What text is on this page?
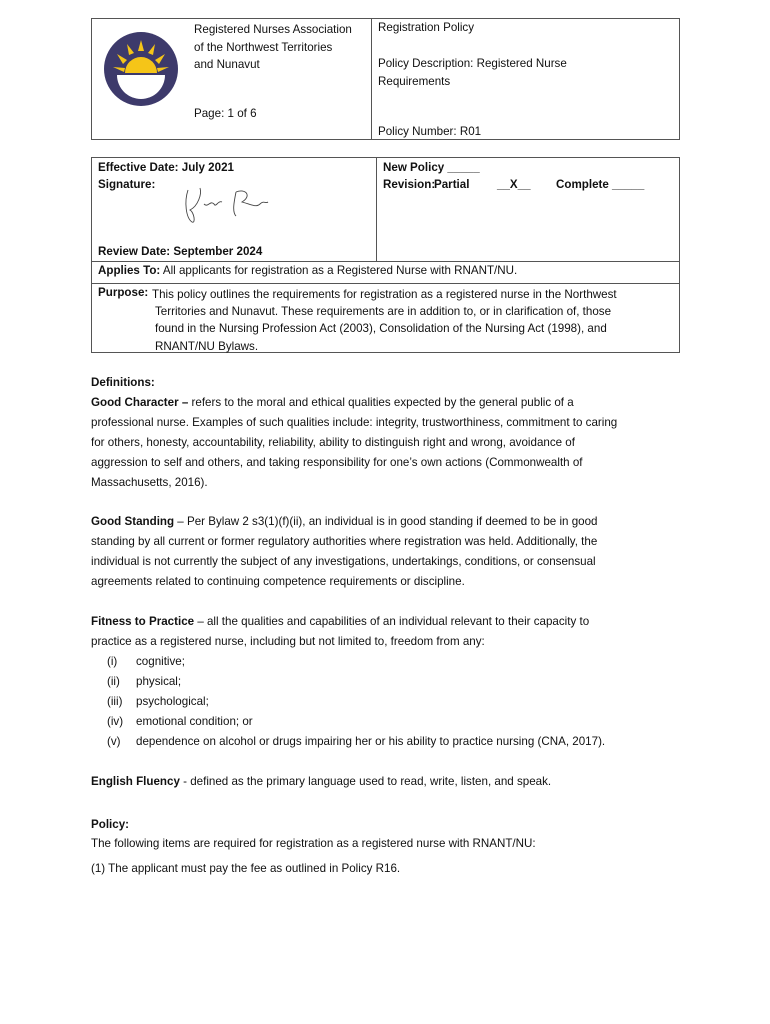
Registered Nurses Association
of the Northwest Territories
and Nunavut
Page: 1 of 6
Registration Policy
Policy Description: Registered Nurse
Requirements
Policy Number: R01
Effective Date: July 2021
Signature:
Review Date: September 2024
New Policy _____
Revision:
Partial __X__ Complete _____
Applies To: All applicants for registration as a Registered Nurse with RNANT/NU.
Purpose: This policy outlines the requirements for registration as a registered nurse in the Northwest
Territories and Nunavut. These requirements are in addition to, or in clarification of, those
found in the Nursing Profession Act (2003), Consolidation of the Nursing Act (1998), and
RNANT/NU Bylaws.
Definitions:
Good Character – refers to the moral and ethical qualities expected by the general public of a
professional nurse. Examples of such qualities include: integrity, trustworthiness, commitment to caring
for others, honesty, accountability, reliability, ability to distinguish right and wrong, avoidance of
aggression to self and others, and taking responsibility for one’s own actions (Commonwealth of
Massachusetts, 2016).
Good Standing – Per Bylaw 2 s3(1)(f)(ii), an individual is in good standing if deemed to be in good
standing by all current or former regulatory authorities where registration was held. Additionally, the
individual is not currently the subject of any investigations, undertakings, conditions, or consensual
agreements related to continuing competence requirements or discipline.
Fitness to Practice – all the qualities and capabilities of an individual relevant to their capacity to
practice as a registered nurse, including but not limited to, freedom from any:
(i) cognitive;
(ii) physical;
(iii) psychological;
(iv) emotional condition; or
(v) dependence on alcohol or drugs impairing her or his ability to practice nursing (CNA, 2017).
English Fluency - defined as the primary language used to read, write, listen, and speak.
Policy:
The following items are required for registration as a registered nurse with RNANT/NU:
(1) The applicant must pay the fee as outlined in Policy R16.
